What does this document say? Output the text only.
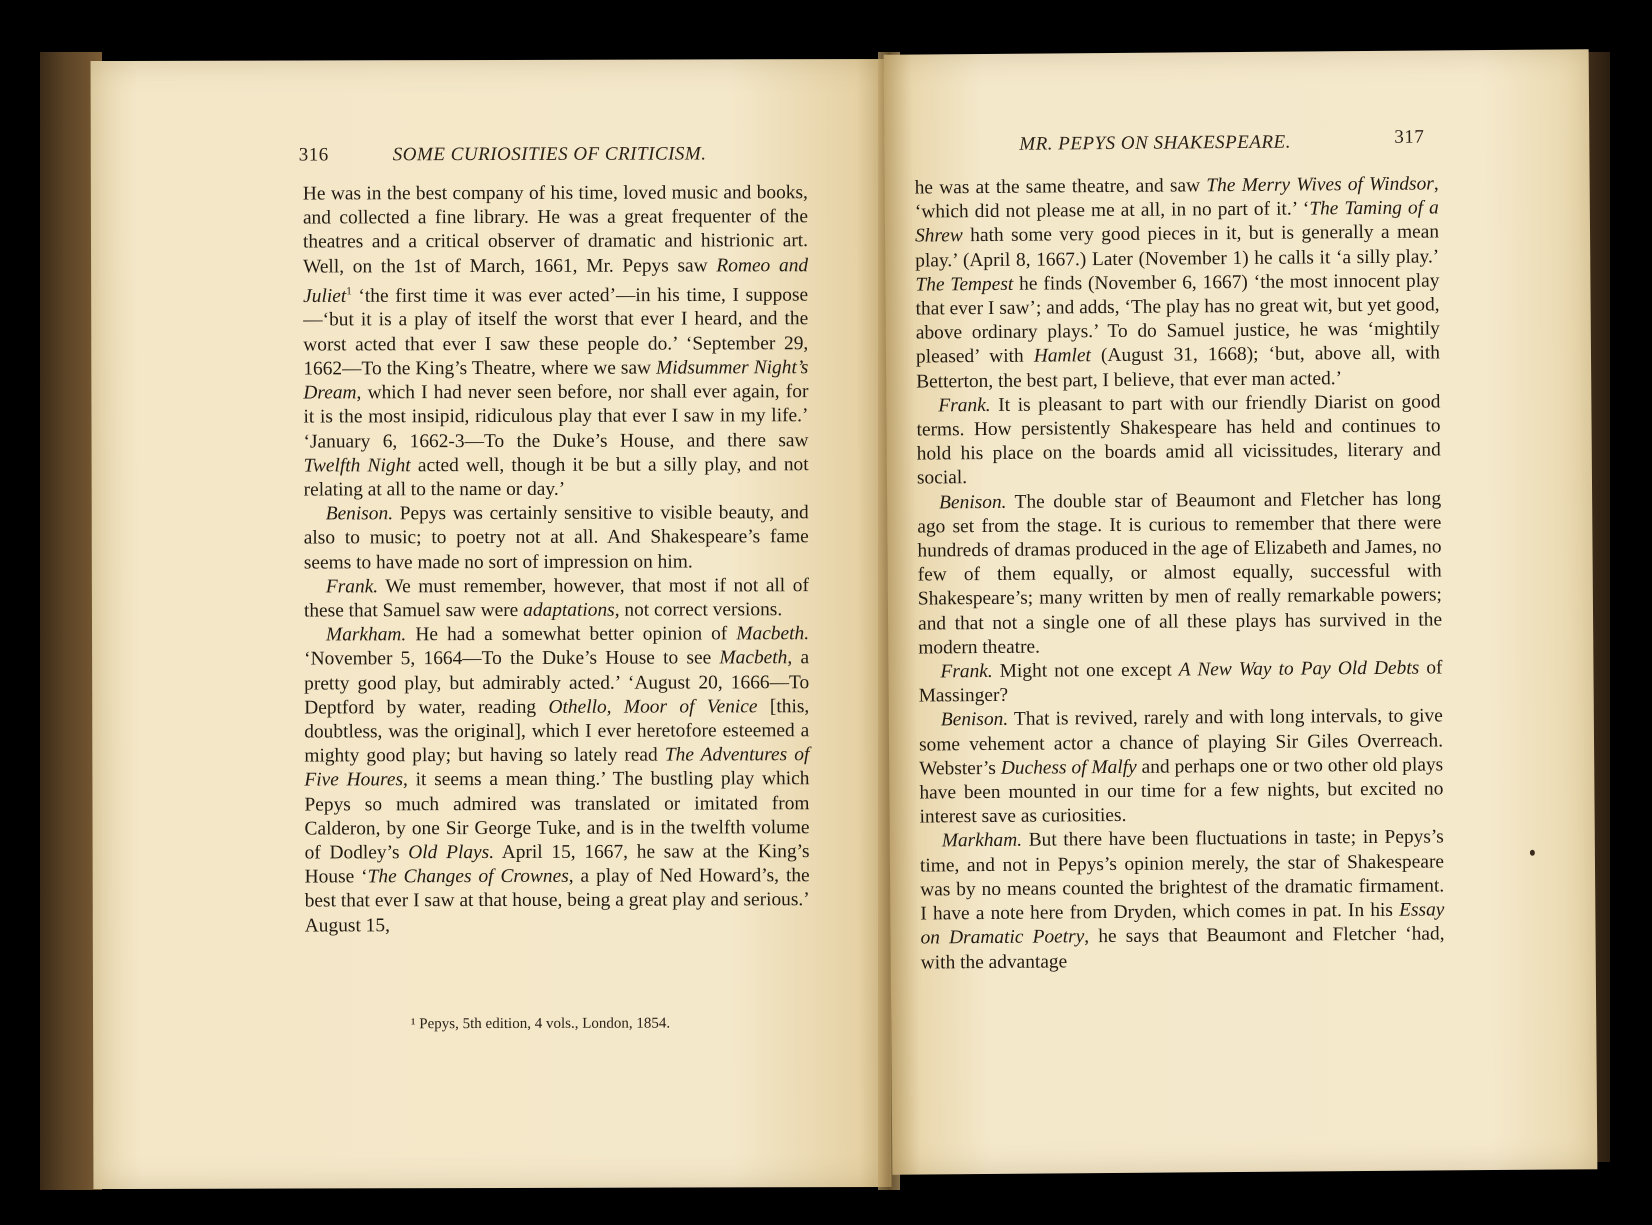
316	SOME CURIOSITIES OF CRITICISM.

He was in the best company of his time, loved music and books, and collected a fine library. He was a great frequenter of the theatres and a critical observer of dramatic and histrionic art. Well, on the 1st of March, 1661, Mr. Pepys saw Romeo and Juliet$^1$ ‘the first time it was ever acted’—in his time, I suppose—‘but it is a play of itself the worst that ever I heard, and the worst acted that ever I saw these people do.’ ‘September 29, 1662—To the King’s Theatre, where we saw Midsummer Night’s Dream, which I had never seen before, nor shall ever again, for it is the most insipid, ridiculous play that ever I saw in my life.’ ‘January 6, 1662-3—To the Duke’s House, and there saw Twelfth Night acted well, though it be but a silly play, and not relating at all to the name or day.’

Benison. Pepys was certainly sensitive to visible beauty, and also to music; to poetry not at all. And Shakespeare’s fame seems to have made no sort of impression on him.

Frank. We must remember, however, that most if not all of these that Samuel saw were adaptations, not correct versions.

Markham. He had a somewhat better opinion of Macbeth. ‘November 5, 1664—To the Duke’s House to see Macbeth, a pretty good play, but admirably acted.’ ‘August 20, 1666—To Deptford by water, reading Othello, Moor of Venice [this, doubtless, was the original], which I ever heretofore esteemed a mighty good play; but having so lately read The Adventures of Five Houres, it seems a mean thing.’ The bustling play which Pepys so much admired was translated or imitated from Calderon, by one Sir George Tuke, and is in the twelfth volume of Dodley’s Old Plays. April 15, 1667, he saw at the King’s House ‘The Changes of Crownes, a play of Ned Howard’s, the best that ever I saw at that house, being a great play and serious.’ August 15,

¹ Pepys, 5th edition, 4 vols., London, 1854.
MR. PEPYS ON SHAKESPEARE.	317

he was at the same theatre, and saw The Merry Wives of Windsor, ‘which did not please me at all, in no part of it.’ ‘The Taming of a Shrew hath some very good pieces in it, but is generally a mean play.’ (April 8, 1667.) Later (November 1) he calls it ‘a silly play.’ The Tempest he finds (November 6, 1667) ‘the most innocent play that ever I saw’; and adds, ‘The play has no great wit, but yet good, above ordinary plays.’ To do Samuel justice, he was ‘mightily pleased’ with Hamlet (August 31, 1668); ‘but, above all, with Betterton, the best part, I believe, that ever man acted.’

Frank. It is pleasant to part with our friendly Diarist on good terms. How persistently Shakespeare has held and continues to hold his place on the boards amid all vicissitudes, literary and social.

Benison. The double star of Beaumont and Fletcher has long ago set from the stage. It is curious to remember that there were hundreds of dramas produced in the age of Elizabeth and James, no few of them equally, or almost equally, successful with Shakespeare’s; many written by men of really remarkable powers; and that not a single one of all these plays has survived in the modern theatre.

Frank. Might not one except A New Way to Pay Old Debts of Massinger?

Benison. That is revived, rarely and with long intervals, to give some vehement actor a chance of playing Sir Giles Overreach. Webster’s Duchess of Malfy and perhaps one or two other old plays have been mounted in our time for a few nights, but excited no interest save as curiosities.

Markham. But there have been fluctuations in taste; in Pepys’s time, and not in Pepys’s opinion merely, the star of Shakespeare was by no means counted the brightest of the dramatic firmament. I have a note here from Dryden, which comes in pat. In his Essay on Dramatic Poetry, he says that Beaumont and Fletcher ‘had, with the advantage
